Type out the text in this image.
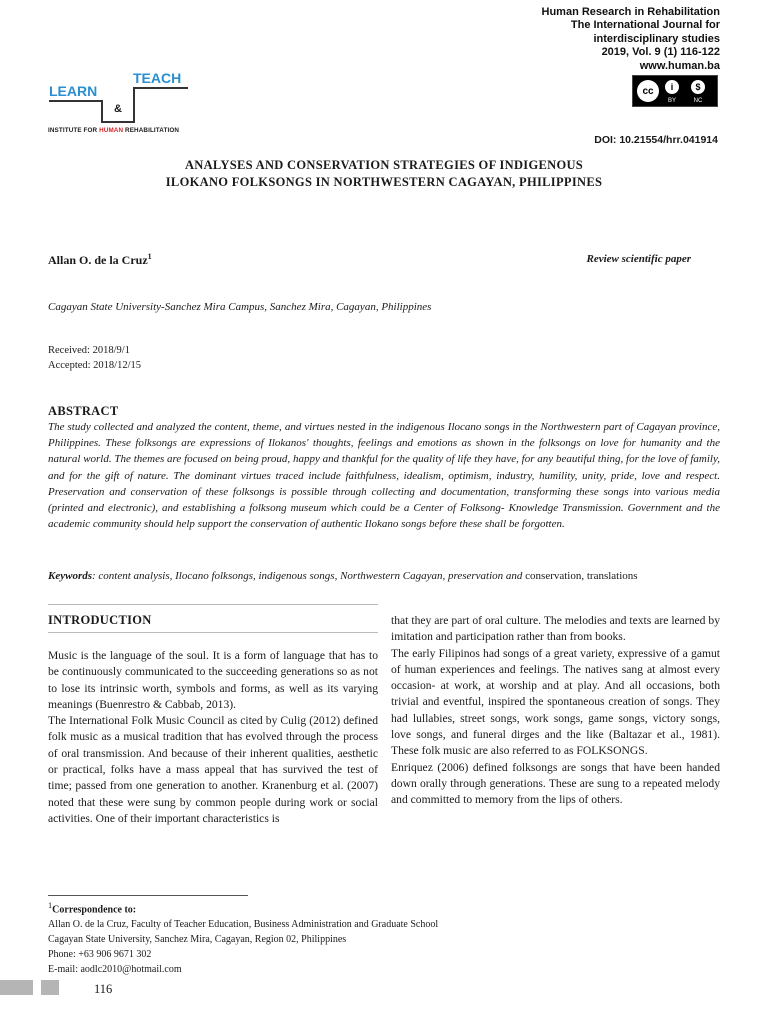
Human Research in Rehabilitation
The International Journal for
interdisciplinary studies
2019, Vol. 9 (1) 116-122
www.human.ba
cc	i
BY
$
NC
LEARN
TEACH
&
INSTITUTE FOR HUMAN REHABILITATION
DOI: 10.21554/hrr.041914
ANALYSES AND CONSERVATION STRATEGIES OF INDIGENOUS
ILOKANO FOLKSONGS IN NORTHWESTERN CAGAYAN, PHILIPPINES
Allan O. de la Cruz$^1$	Review scientific paper
Cagayan State University-Sanchez Mira Campus, Sanchez Mira, Cagayan, Philippines
Received: 2018/9/1
Accepted: 2018/12/15
ABSTRACT
The study collected and analyzed the content, theme, and virtues nested in the indigenous Ilocano songs in the Northwestern part of Cagayan province, Philippines. These folksongs are expressions of Ilokanos' thoughts, feelings and emotions as shown in the folksongs on love for humanity and the natural world. The themes are focused on being proud, happy and thankful for the quality of life they have, for any beautiful thing, for the love of family, and for the gift of nature. The dominant virtues traced include faithfulness, idealism, optimism, industry, humility, unity, pride, love and respect. Preservation and conservation of these folksongs is possible through collecting and documentation, transforming these songs into various media (printed and electronic), and establishing a folksong museum which could be a Center of Folksong- Knowledge Transmission. Government and the academic community should help support the conservation of authentic Ilokano songs before these shall be forgotten.
Keywords: content analysis, Ilocano folksongs, indigenous songs, Northwestern Cagayan, preservation and conservation, translations
INTRODUCTION

Music is the language of the soul. It is a form of language that has to be continuously communicated to the succeeding generations so as not to lose its intrinsic worth, symbols and forms, as well as its varying meanings (Buenrestro & Cabbab, 2013).

The International Folk Music Council as cited by Culig (2012) defined folk music as a musical tradition that has evolved through the process of oral transmission. And because of their inherent qualities, aesthetic or practical, folks have a mass appeal that has survived the test of time; passed from one generation to another. Kranenburg et al. (2007) noted that these were sung by common people during work or social activities. One of their important characteristics is

that they are part of oral culture. The melodies and texts are learned by imitation and participation rather than from books.

The early Filipinos had songs of a great variety, expressive of a gamut of human experiences and feelings. The natives sang at almost every occasion- at work, at worship and at play. And all occasions, both trivial and eventful, inspired the spontaneous creation of songs. They had lullabies, street songs, work songs, game songs, victory songs, love songs, and funeral dirges and the like (Baltazar et al., 1981). These folk music are also referred to as FOLKSONGS.

Enriquez (2006) defined folksongs are songs that have been handed down orally through generations. These are sung to a repeated melody and committed to memory from the lips of others.

$^1$Correspondence to:
Allan O. de la Cruz, Faculty of Teacher Education, Business Administration and Graduate School
Cagayan State University, Sanchez Mira, Cagayan, Region 02, Philippines
Phone: +63 906 9671 302
E-mail: aodlc2010@hotmail.com
116
